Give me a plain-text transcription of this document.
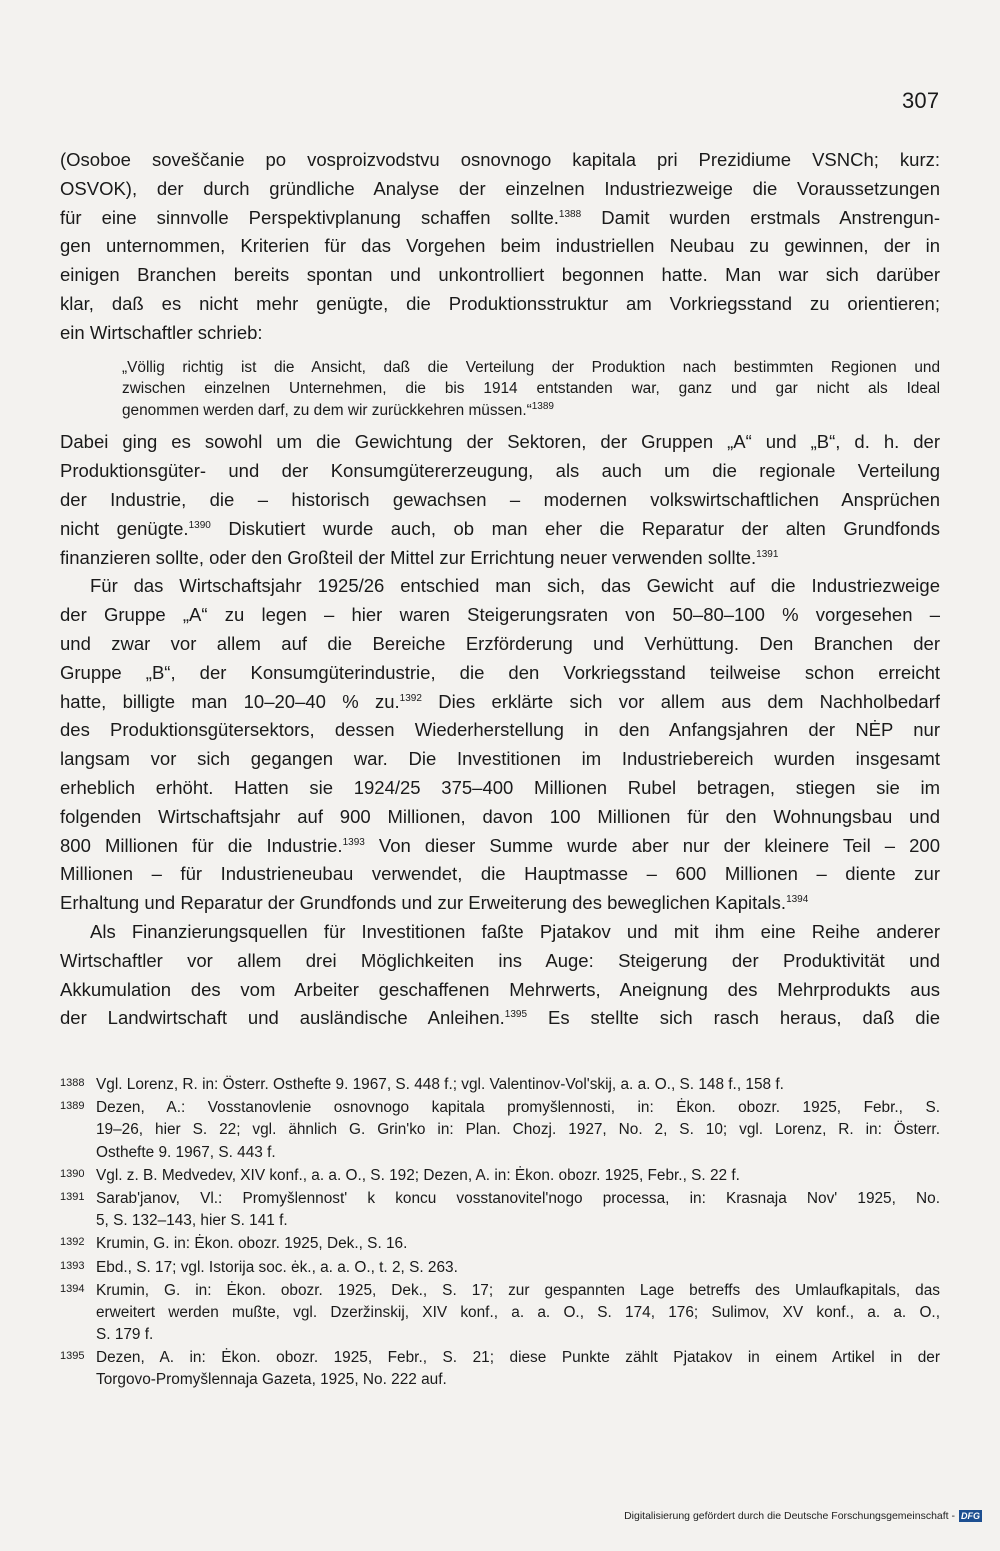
307
(Osoboe soveščanie po vosproizvodstvu osnovnogo kapitala pri Prezidiume VSNCh; kurz:
OSVOK), der durch gründliche Analyse der einzelnen Industriezweige die Voraussetzungen
für eine sinnvolle Perspektivplanung schaffen sollte.$^{1388}$ Damit wurden erstmals Anstrengun-
gen unternommen, Kriterien für das Vorgehen beim industriellen Neubau zu gewinnen, der in
einigen Branchen bereits spontan und unkontrolliert begonnen hatte. Man war sich darüber
klar, daß es nicht mehr genügte, die Produktionsstruktur am Vorkriegsstand zu orientieren;
ein Wirtschaftler schrieb:
„Völlig richtig ist die Ansicht, daß die Verteilung der Produktion nach bestimmten Regionen und
zwischen einzelnen Unternehmen, die bis 1914 entstanden war, ganz und gar nicht als Ideal
genommen werden darf, zu dem wir zurückkehren müssen.“$^{1389}$
Dabei ging es sowohl um die Gewichtung der Sektoren, der Gruppen „A“ und „B“, d. h. der
Produktionsgüter- und der Konsumgütererzeugung, als auch um die regionale Verteilung
der Industrie, die – historisch gewachsen – modernen volkswirtschaftlichen Ansprüchen
nicht genügte.$^{1390}$ Diskutiert wurde auch, ob man eher die Reparatur der alten Grundfonds
finanzieren sollte, oder den Großteil der Mittel zur Errichtung neuer verwenden sollte.$^{1391}$
Für das Wirtschaftsjahr 1925/26 entschied man sich, das Gewicht auf die Industriezweige
der Gruppe „A“ zu legen – hier waren Steigerungsraten von 50–80–100 % vorgesehen –
und zwar vor allem auf die Bereiche Erzförderung und Verhüttung. Den Branchen der
Gruppe „B“, der Konsumgüterindustrie, die den Vorkriegsstand teilweise schon erreicht
hatte, billigte man 10–20–40 % zu.$^{1392}$ Dies erklärte sich vor allem aus dem Nachholbedarf
des Produktionsgütersektors, dessen Wiederherstellung in den Anfangsjahren der NĖP nur
langsam vor sich gegangen war. Die Investitionen im Industriebereich wurden insgesamt
erheblich erhöht. Hatten sie 1924/25 375–400 Millionen Rubel betragen, stiegen sie im
folgenden Wirtschaftsjahr auf 900 Millionen, davon 100 Millionen für den Wohnungsbau und
800 Millionen für die Industrie.$^{1393}$ Von dieser Summe wurde aber nur der kleinere Teil – 200
Millionen – für Industrieneubau verwendet, die Hauptmasse – 600 Millionen – diente zur
Erhaltung und Reparatur der Grundfonds und zur Erweiterung des beweglichen Kapitals.$^{1394}$
Als Finanzierungsquellen für Investitionen faßte Pjatakov und mit ihm eine Reihe anderer
Wirtschaftler vor allem drei Möglichkeiten ins Auge: Steigerung der Produktivität und
Akkumulation des vom Arbeiter geschaffenen Mehrwerts, Aneignung des Mehrprodukts aus
der Landwirtschaft und ausländische Anleihen.$^{1395}$ Es stellte sich rasch heraus, daß die
1388 Vgl. Lorenz, R. in: Österr. Osthefte 9. 1967, S. 448 f.; vgl. Valentinov-Vol'skij, a. a. O., S. 148 f., 158 f.
1389 Dezen, A.: Vosstanovlenie osnovnogo kapitala promyšlennosti, in: Ėkon. obozr. 1925, Febr., S.
19–26, hier S. 22; vgl. ähnlich G. Grin'ko in: Plan. Chozj. 1927, No. 2, S. 10; vgl. Lorenz, R. in: Österr.
Osthefte 9. 1967, S. 443 f.
1390 Vgl. z. B. Medvedev, XIV konf., a. a. O., S. 192; Dezen, A. in: Ėkon. obozr. 1925, Febr., S. 22 f.
1391 Sarab'janov, Vl.: Promyšlennost' k koncu vosstanovitel'nogo processa, in: Krasnaja Nov' 1925, No.
5, S. 132–143, hier S. 141 f.
1392 Krumin, G. in: Ėkon. obozr. 1925, Dek., S. 16.
1393 Ebd., S. 17; vgl. Istorija soc. ėk., a. a. O., t. 2, S. 263.
1394 Krumin, G. in: Ėkon. obozr. 1925, Dek., S. 17; zur gespannten Lage betreffs des Umlaufkapitals, das
erweitert werden mußte, vgl. Dzeržinskij, XIV konf., a. a. O., S. 174, 176; Sulimov, XV konf., a. a. O.,
S. 179 f.
1395 Dezen, A. in: Ėkon. obozr. 1925, Febr., S. 21; diese Punkte zählt Pjatakov in einem Artikel in der
Torgovo-Promyšlennaja Gazeta, 1925, No. 222 auf.
Digitalisierung gefördert durch die Deutsche Forschungsgemeinschaft - DFG
